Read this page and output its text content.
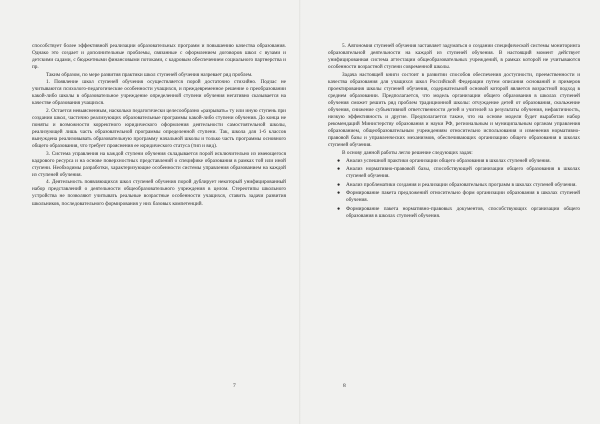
способствует более эффективной реализации образовательных программ и повышению качества образования. Однако это создает и дополнительные проблемы, связанные с оформлением договоров школ с вузами и детскими садами, с бюджетными финансовыми потоками, с кадровым обеспечением социального партнерства и пр.

Таким образом, по мере развития практики школ ступеней обучения назревает ряд проблем.

1. Появление школ ступеней обучения осуществляется порой достаточно стихийно. Подчас не учитываются психолого-педагогические особенности учащихся, и преждевременное решение о преобразовании какой-либо школы в образовательное учреждение определенной ступени обучения негативно сказывается на качестве образования учащихся.

2. Остается невыясненным, насколько педагогически целесообразно «разрывать» ту или иную ступень при создании школ, частично реализующих образовательные программы какой-либо ступени обучения. До конца не поняты и возможности корректного юридического оформления деятельности самостоятельной школы, реализующей лишь часть образовательной программы определенной ступени. Так, школа для 1-6 классов вынуждена реализовывать образовательную программу начальной школы и только часть программы основного общего образования, что требует прояснения ее юридического статуса (тип и вид).

3. Система управления на каждой ступени обучения складывается порой исключительно из имеющегося кадрового ресурса и на основе поверхностных представлений о специфике образования в рамках той или иной ступени. Необходимы разработки, характеризующие особенности системы управления образованием на каждой из ступеней обучения.

4. Деятельность появляющихся школ ступеней обучения порой дублирует некоторый унифицированный набор представлений о деятельности общеобразовательного учреждения в целом. Стереотипы школьного устройства не позволяют учитывать реальные возрастные особенности учащихся, ставить задачи развития школьников, последовательного формирования у них базовых компетенций.

7

5. Автономия ступеней обучения заставляет задуматься о создании специфической системы мониторинга образовательной деятельности на каждой из ступеней обучения. В настоящий момент действует унифицированная система аттестации общеобразовательных учреждений, в рамках которой не учитываются особенности возрастной ступени современной школы.

Задача настоящей книги состоит в развитии способов обеспечения доступности, преемственности и качества образования для учащихся школ Российской Федерации путем описания оснований и примеров проектирования школы ступеней обучения, содержательной основой которой является возрастной подход в среднем образовании. Предполагается, что модель организации общего образования в школах ступеней обучения сможет решить ряд проблем традиционной школы: отчуждение детей от образования, скольжение обучения, снижение субъективной ответственности детей и учителей за результаты обучения, нефактичность, низкую эффективность и другие. Предполагается также, что на основе модели будет выработан набор рекомендаций Министерству образования и науки РФ, региональным и муниципальным органам управления образованием, общеобразовательным учреждениям относительно использования и изменения нормативно-правовой базы и управленческих механизмов, обеспечивающих организацию общего образования в школах ступеней обучения.

В основу данной работы легло решение следующих задач:

● Анализ успешной практики организации общего образования в школах ступеней обучения.
● Анализ нормативно-правовой базы, способствующей организации общего образования в школах ступеней обучения.
● Анализ проблематики создания и реализации образовательных программ в школах ступеней обучения.
● Формирование пакета предложений относительно форм организации образования в школах ступеней обучения.
● Формирование пакета нормативно-правовых документов, способствующих организации общего образования в школах ступеней обучения.
8
